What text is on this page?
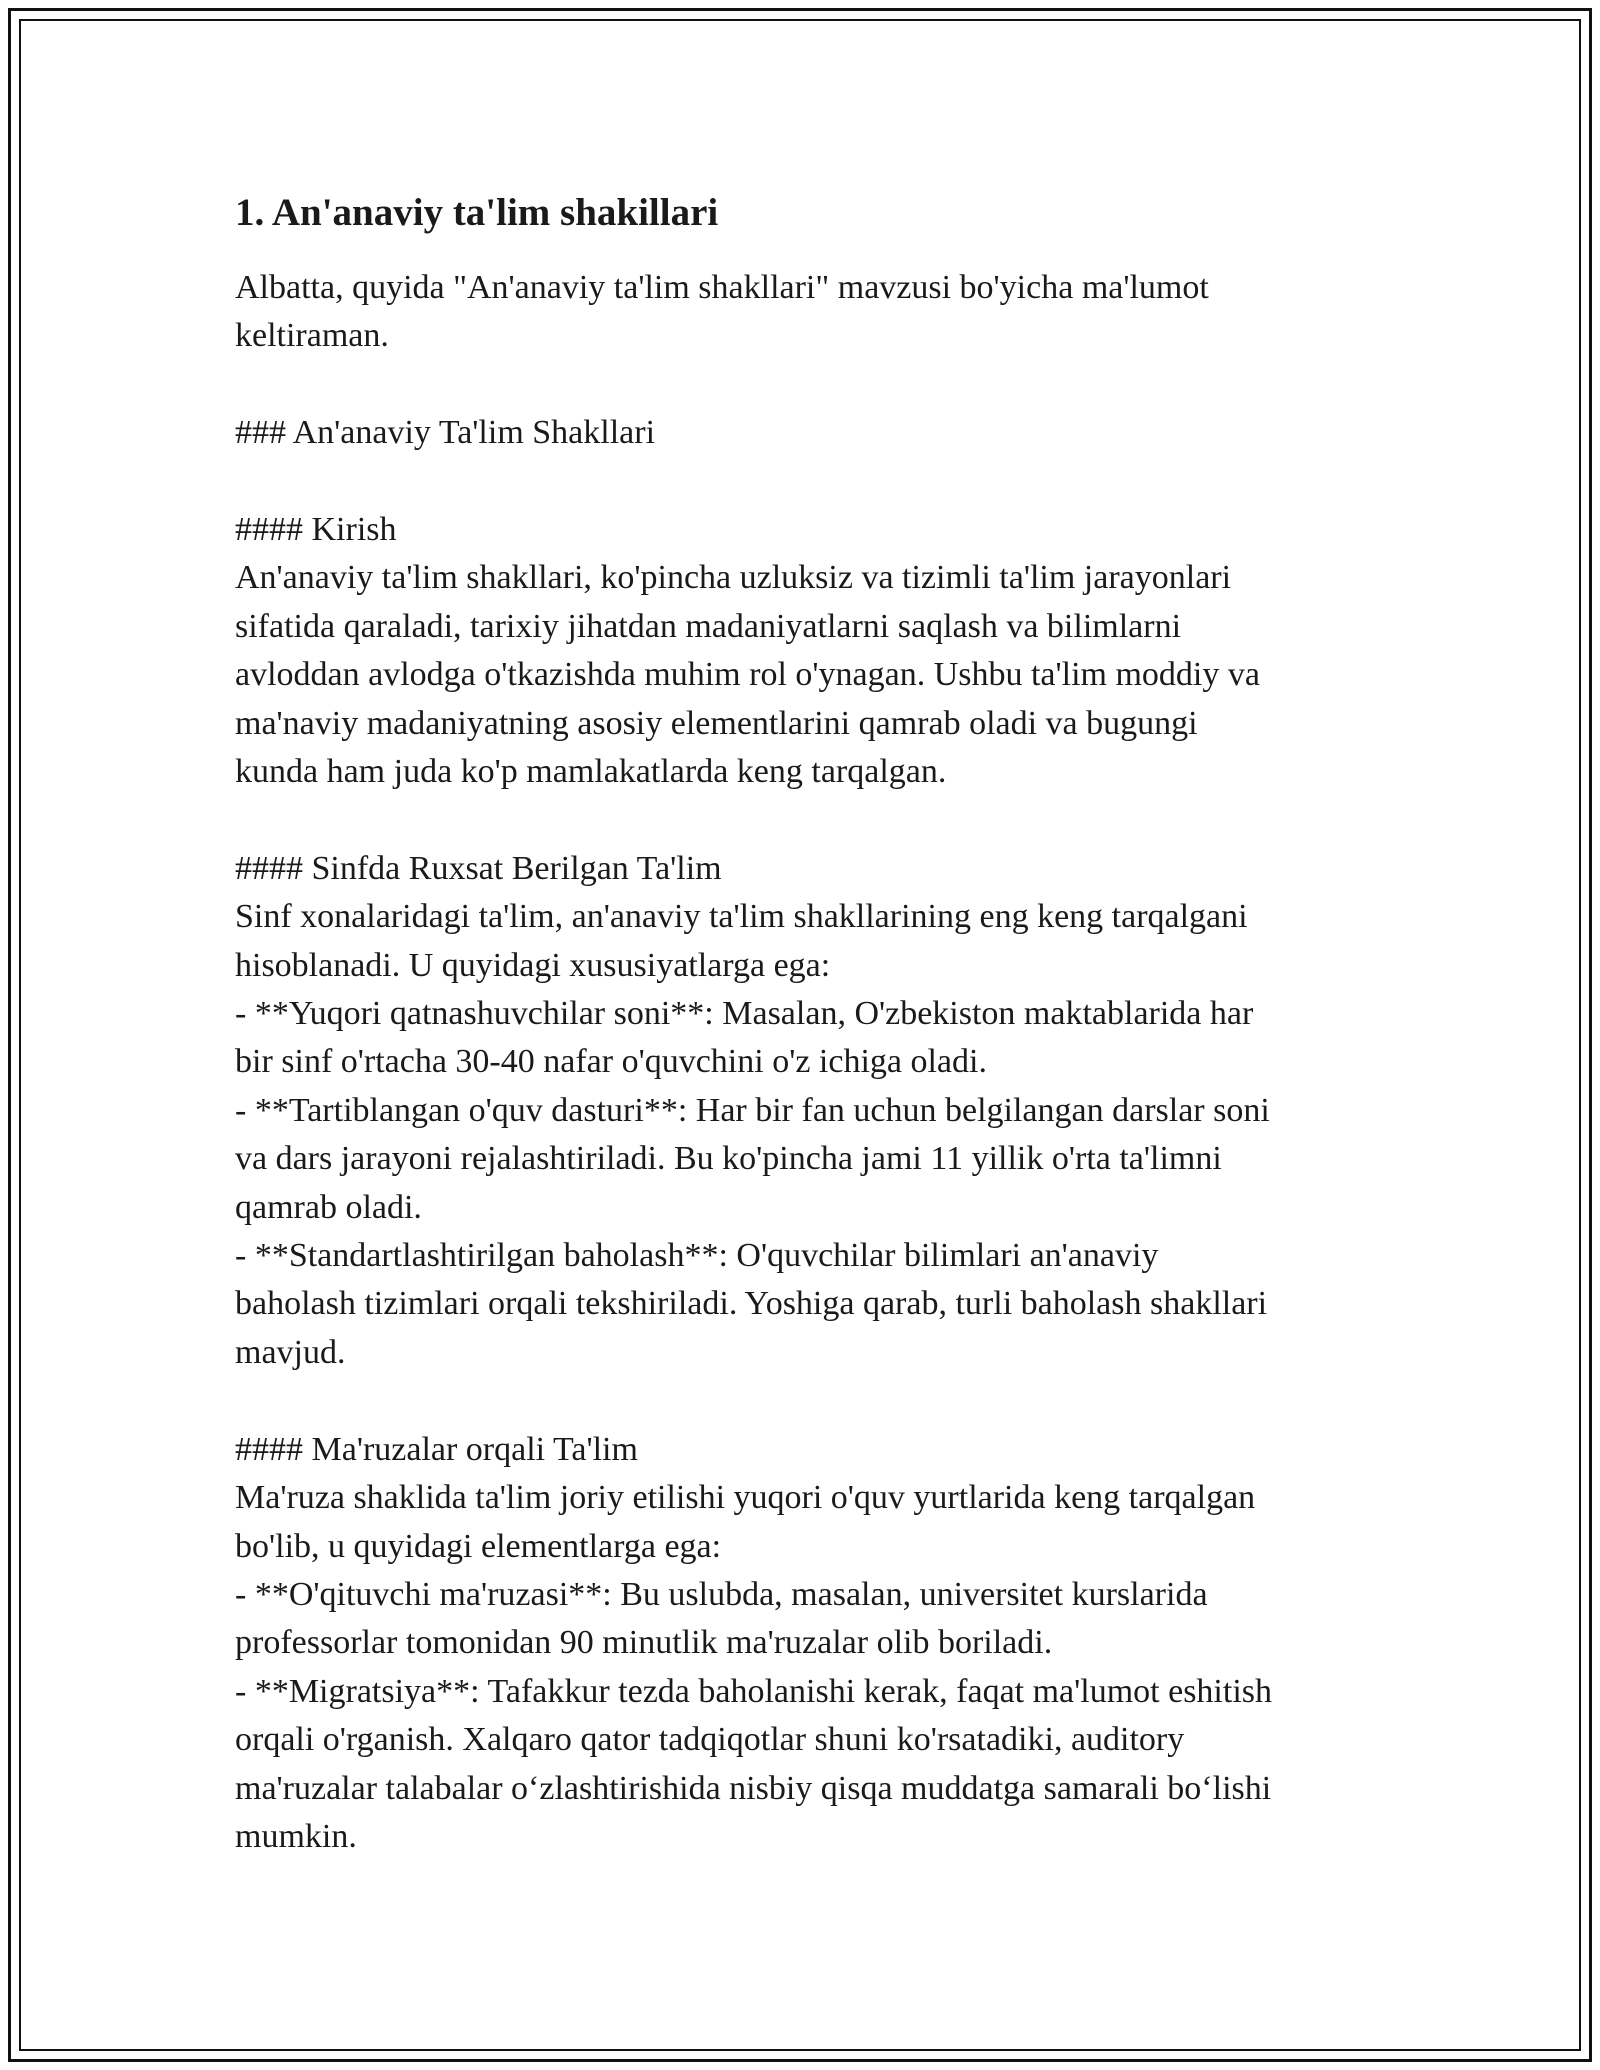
1. An'anaviy ta'lim shakillari

Albatta, quyida "An'anaviy ta'lim shakllari" mavzusi bo'yicha ma'lumot

keltiraman.

### An'anaviy Ta'lim Shakllari

#### Kirish

An'anaviy ta'lim shakllari, ko'pincha uzluksiz va tizimli ta'lim jarayonlari

sifatida qaraladi, tarixiy jihatdan madaniyatlarni saqlash va bilimlarni

avloddan avlodga o'tkazishda muhim rol o'ynagan. Ushbu ta'lim moddiy va

ma'naviy madaniyatning asosiy elementlarini qamrab oladi va bugungi

kunda ham juda ko'p mamlakatlarda keng tarqalgan.

#### Sinfda Ruxsat Berilgan Ta'lim

Sinf xonalaridagi ta'lim, an'anaviy ta'lim shakllarining eng keng tarqalgani

hisoblanadi. U quyidagi xususiyatlarga ega:

- **Yuqori qatnashuvchilar soni**: Masalan, O'zbekiston maktablarida har

bir sinf o'rtacha 30-40 nafar o'quvchini o'z ichiga oladi.

- **Tartiblangan o'quv dasturi**: Har bir fan uchun belgilangan darslar soni

va dars jarayoni rejalashtiriladi. Bu ko'pincha jami 11 yillik o'rta ta'limni

qamrab oladi.

- **Standartlashtirilgan baholash**: O'quvchilar bilimlari an'anaviy

baholash tizimlari orqali tekshiriladi. Yoshiga qarab, turli baholash shakllari

mavjud.

#### Ma'ruzalar orqali Ta'lim

Ma'ruza shaklida ta'lim joriy etilishi yuqori o'quv yurtlarida keng tarqalgan

bo'lib, u quyidagi elementlarga ega:

- **O'qituvchi ma'ruzasi**: Bu uslubda, masalan, universitet kurslarida

professorlar tomonidan 90 minutlik ma'ruzalar olib boriladi.

- **Migratsiya**: Tafakkur tezda baholanishi kerak, faqat ma'lumot eshitish

orqali o'rganish. Xalqaro qator tadqiqotlar shuni ko'rsatadiki, auditory

ma'ruzalar talabalar o‘zlashtirishida nisbiy qisqa muddatga samarali bo‘lishi

mumkin.
